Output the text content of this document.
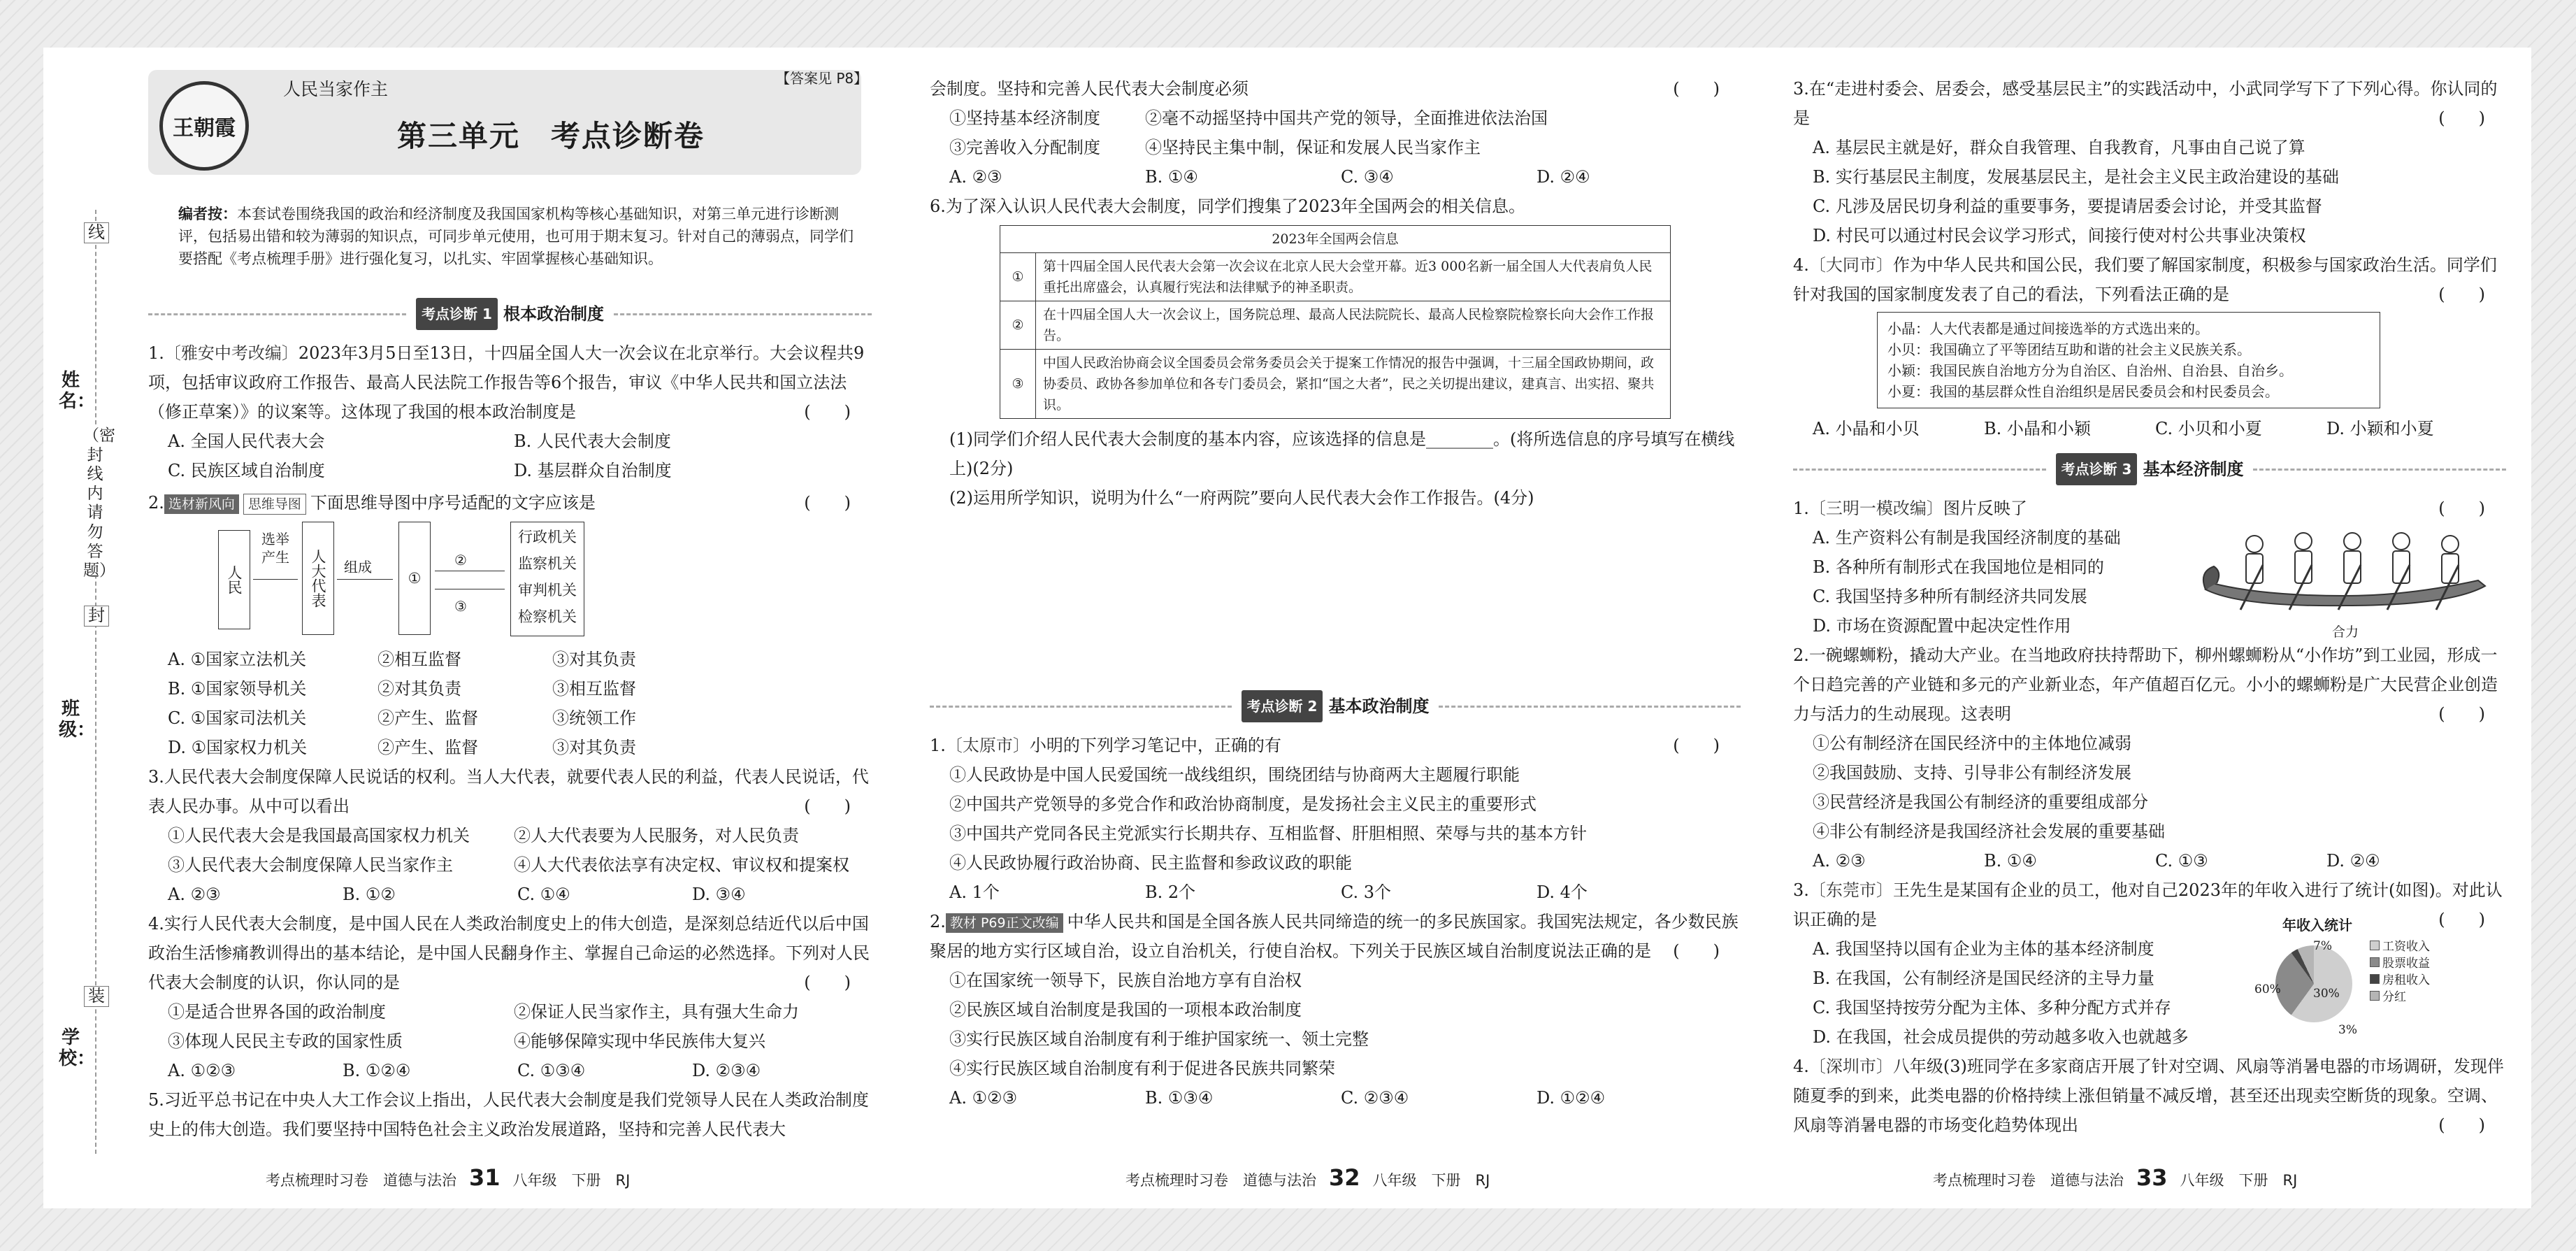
线
姓名：
（密封线内请勿答题）
封
班级：
装
学校：
王朝霞
人民当家作主
【答案见 P8】
第三单元　考点诊断卷
编者按：本套试卷围绕我国的政治和经济制度及我国国家机构等核心基础知识，对第三单元进行诊断测评，包括易出错和较为薄弱的知识点，可同步单元使用，也可用于期末复习。针对自己的薄弱点，同学们要搭配《考点梳理手册》进行强化复习，以扎实、牢固掌握核心基础知识。
考点诊断 1 根本政治制度
1.〔雅安中考改编〕2023年3月5日至13日，十四届全国人大一次会议在北京举行。大会议程共9项，包括审议政府工作报告、最高人民法院工作报告等6个报告，审议《中华人民共和国立法法（修正草案）》的议案等。这体现了我国的根本政治制度是	(　　)
A. 全国人民代表大会	B. 人民代表大会制度
C. 民族区域自治制度	D. 基层群众自治制度
2. 选材新风向 思维导图 下面思维导图中序号适配的文字应该是	(　　)
人民
选举产生	人大代表	组成
①
②
③
行政机关
监察机关
审判机关
检察机关
A. ①国家立法机关	②相互监督	③对其负责
B. ①国家领导机关	②对其负责	③相互监督
C. ①国家司法机关	②产生、监督	③统领工作
D. ①国家权力机关	②产生、监督	③对其负责
3.人民代表大会制度保障人民说话的权利。当人大代表，就要代表人民的利益，代表人民说话，代表人民办事。从中可以看出	(　　)
①人民代表大会是我国最高国家权力机关	②人大代表要为人民服务，对人民负责
③人民代表大会制度保障人民当家作主	④人大代表依法享有决定权、审议权和提案权
A. ②③	B. ①②	C. ①④	D. ③④
4.实行人民代表大会制度，是中国人民在人类政治制度史上的伟大创造，是深刻总结近代以后中国政治生活惨痛教训得出的基本结论，是中国人民翻身作主、掌握自己命运的必然选择。下列对人民代表大会制度的认识，你认同的是	(　　)
①是适合世界各国的政治制度	②保证人民当家作主，具有强大生命力
③体现人民民主专政的国家性质	④能够保障实现中华民族伟大复兴
A. ①②③	B. ①②④	C. ①③④	D. ②③④
5.习近平总书记在中央人大工作会议上指出，人民代表大会制度是我们党领导人民在人类政治制度史上的伟大创造。我们要坚持中国特色社会主义政治发展道路，坚持和完善人民代表大
会制度。坚持和完善人民代表大会制度必须	(　　)
①坚持基本经济制度	②毫不动摇坚持中国共产党的领导，全面推进依法治国
③完善收入分配制度	④坚持民主集中制，保证和发展人民当家作主
A. ②③	B. ①④	C. ③④	D. ②④
6.为了深入认识人民代表大会制度，同学们搜集了2023年全国两会的相关信息。
2023年全国两会信息	
①	第十四届全国人民代表大会第一次会议在北京人民大会堂开幕。近3 000名新一届全国人大代表肩负人民重托出席盛会，认真履行宪法和法律赋予的神圣职责。
②	在十四届全国人大一次会议上，国务院总理、最高人民法院院长、最高人民检察院检察长向大会作工作报告。
③	中国人民政治协商会议全国委员会常务委员会关于提案工作情况的报告中强调，十三届全国政协期间，政协委员、政协各参加单位和各专门委员会，紧扣“国之大者”，民之关切提出建议，建真言、出实招、聚共识。
(1)同学们介绍人民代表大会制度的基本内容，应该选择的信息是________。(将所选信息的序号填写在横线上)(2分)
(2)运用所学知识，说明为什么“一府两院”要向人民代表大会作工作报告。(4分)
考点诊断 2 基本政治制度
1.〔太原市〕小明的下列学习笔记中，正确的有	(　　)
①人民政协是中国人民爱国统一战线组织，围绕团结与协商两大主题履行职能
②中国共产党领导的多党合作和政治协商制度，是发扬社会主义民主的重要形式
③中国共产党同各民主党派实行长期共存、互相监督、肝胆相照、荣辱与共的基本方针
④人民政协履行政治协商、民主监督和参政议政的职能
A. 1个	B. 2个	C. 3个	D. 4个
2. 教材 P69正文改编 中华人民共和国是全国各族人民共同缔造的统一的多民族国家。我国宪法规定，各少数民族聚居的地方实行区域自治，设立自治机关，行使自治权。下列关于民族区域自治制度说法正确的是 (　　)
①在国家统一领导下，民族自治地方享有自治权
②民族区域自治制度是我国的一项根本政治制度
③实行民族区域自治制度有利于维护国家统一、领土完整
④实行民族区域自治制度有利于促进各民族共同繁荣
A. ①②③	B. ①③④	C. ②③④	D. ①②④
3.在“走进村委会、居委会，感受基层民主”的实践活动中，小武同学写下了下列心得。你认同的是	(　　)
A. 基层民主就是好，群众自我管理、自我教育，凡事由自己说了算
B. 实行基层民主制度，发展基层民主，是社会主义民主政治建设的基础
C. 凡涉及居民切身利益的重要事务，要提请居委会讨论，并受其监督
D. 村民可以通过村民会议学习形式，间接行使对村公共事业决策权
4.〔大同市〕作为中华人民共和国公民，我们要了解国家制度，积极参与国家政治生活。同学们针对我国的国家制度发表了自己的看法，下列看法正确的是	(　　)
小晶：人大代表都是通过间接选举的方式选出来的。
小贝：我国确立了平等团结互助和谐的社会主义民族关系。
小颖：我国民族自治地方分为自治区、自治州、自治县、自治乡。
小夏：我国的基层群众性自治组织是居民委员会和村民委员会。
A. 小晶和小贝	B. 小晶和小颖	C. 小贝和小夏	D. 小颖和小夏
考点诊断 3 基本经济制度
1.〔三明一模改编〕图片反映了	(　　)
A. 生产资料公有制是我国经济制度的基础
B. 各种所有制形式在我国地位是相同的
C. 我国坚持多种所有制经济共同发展
D. 市场在资源配置中起决定性作用	合力
2.一碗螺蛳粉，撬动大产业。在当地政府扶持帮助下，柳州螺蛳粉从“小作坊”到工业园，形成一个日趋完善的产业链和多元的产业新业态，年产值超百亿元。小小的螺蛳粉是广大民营企业创造力与活力的生动展现。这表明	(　　)
①公有制经济在国民经济中的主体地位减弱
②我国鼓励、支持、引导非公有制经济发展
③民营经济是我国公有制经济的重要组成部分
④非公有制经济是我国经济社会发展的重要基础
A. ②③	B. ①④	C. ①③	D. ②④
3.〔东莞市〕王先生是某国有企业的员工，他对自己2023年的年收入进行了统计(如图)。对此认识正确的是	(　　)
A. 我国坚持以国有企业为主体的基本经济制度
B. 在我国，公有制经济是国民经济的主导力量
C. 我国坚持按劳分配为主体、多种分配方式并存
D. 在我国，社会成员提供的劳动越多收入也就越多
年收入统计
60%	30%
3%
7%	工资收入
股票收益
房租收入
分红
4.〔深圳市〕八年级(3)班同学在多家商店开展了针对空调、风扇等消暑电器的市场调研，发现伴随夏季的到来，此类电器的价格持续上涨但销量不减反增，甚至还出现卖空断货的现象。空调、风扇等消暑电器的市场变化趋势体现出	(　　)
考点梳理时习卷　道德与法治 31 八年级　下册　RJ	考点梳理时习卷　道德与法治 32 八年级　下册　RJ	考点梳理时习卷　道德与法治 33 八年级　下册　RJ
